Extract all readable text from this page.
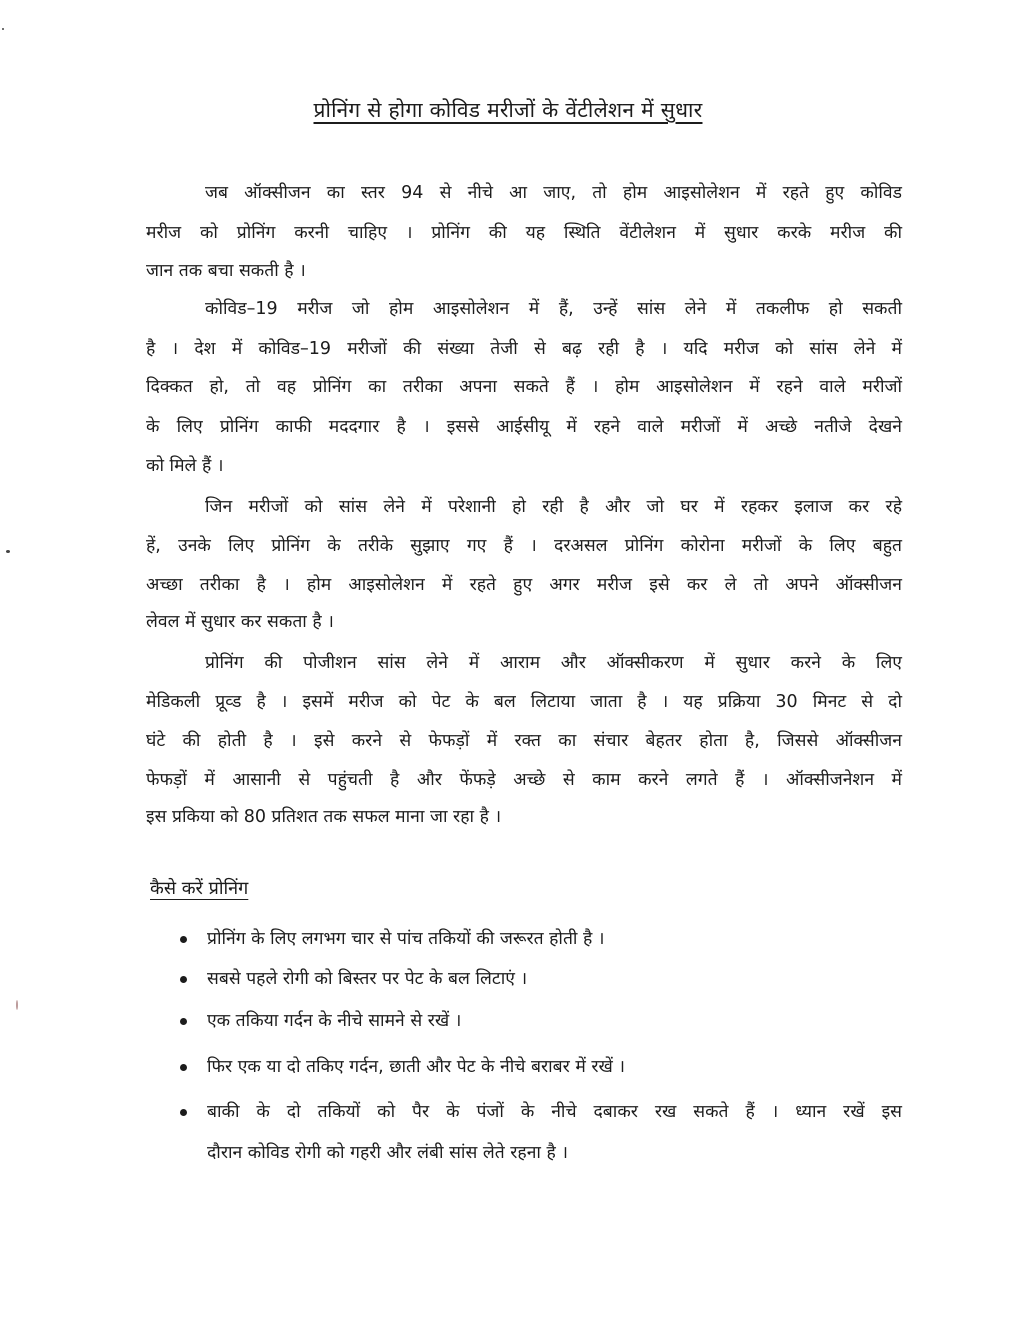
प्रोनिंग से होगा कोविड मरीजों के वेंटीलेशन में सुधार
जब ऑक्सीजन का स्तर 94 से नीचे आ जाए, तो होम आइसोलेशन में रहते हुए कोविड
मरीज को प्रोनिंग करनी चाहिए । प्रोनिंग की यह स्थिति वेंटीलेशन में सुधार करके मरीज की
जान तक बचा सकती है ।
कोविड–19 मरीज जो होम आइसोलेशन में हैं, उन्हें सांस लेने में तकलीफ हो सकती
है । देश में कोविड–19 मरीजों की संख्या तेजी से बढ़ रही है । यदि मरीज को सांस लेने में
दिक्कत हो, तो वह प्रोनिंग का तरीका अपना सकते हैं । होम आइसोलेशन में रहने वाले मरीजों
के लिए प्रोनिंग काफी मददगार है । इससे आईसीयू में रहने वाले मरीजों में अच्छे नतीजे देखने
को मिले हैं ।
जिन मरीजों को सांस लेने में परेशानी हो रही है और जो घर में रहकर इलाज कर रहे
हें, उनके लिए प्रोनिंग के तरीके सुझाए गए हैं । दरअसल प्रोनिंग कोरोना मरीजों के लिए बहुत
अच्छा तरीका है । होम आइसोलेशन में रहते हुए अगर मरीज इसे कर ले तो अपने ऑक्सीजन
लेवल में सुधार कर सकता है ।
प्रोनिंग की पोजीशन सांस लेने में आराम और ऑक्सीकरण में सुधार करने के लिए
मेडिकली प्रूव्ड है । इसमें मरीज को पेट के बल लिटाया जाता है । यह प्रक्रिया 30 मिनट से दो
घंटे की होती है । इसे करने से फेफड़ों में रक्त का संचार बेहतर होता है, जिससे ऑक्सीजन
फेफड़ों में आसानी से पहुंचती है और फेंफड़े अच्छे से काम करने लगते हैं । ऑक्सीजनेशन में
इस प्रकिया को 80 प्रतिशत तक सफल माना जा रहा है ।
कैसे करें प्रोनिंग
प्रोनिंग के लिए लगभग चार से पांच तकियों की जरूरत होती है ।
सबसे पहले रोगी को बिस्तर पर पेट के बल लिटाएं ।
एक तकिया गर्दन के नीचे सामने से रखें ।
फिर एक या दो तकिए गर्दन, छाती और पेट के नीचे बराबर में रखें ।
बाकी के दो तकियों को पैर के पंजों के नीचे दबाकर रख सकते हैं । ध्यान रखें इस
दौरान कोविड रोगी को गहरी और लंबी सांस लेते रहना है ।
